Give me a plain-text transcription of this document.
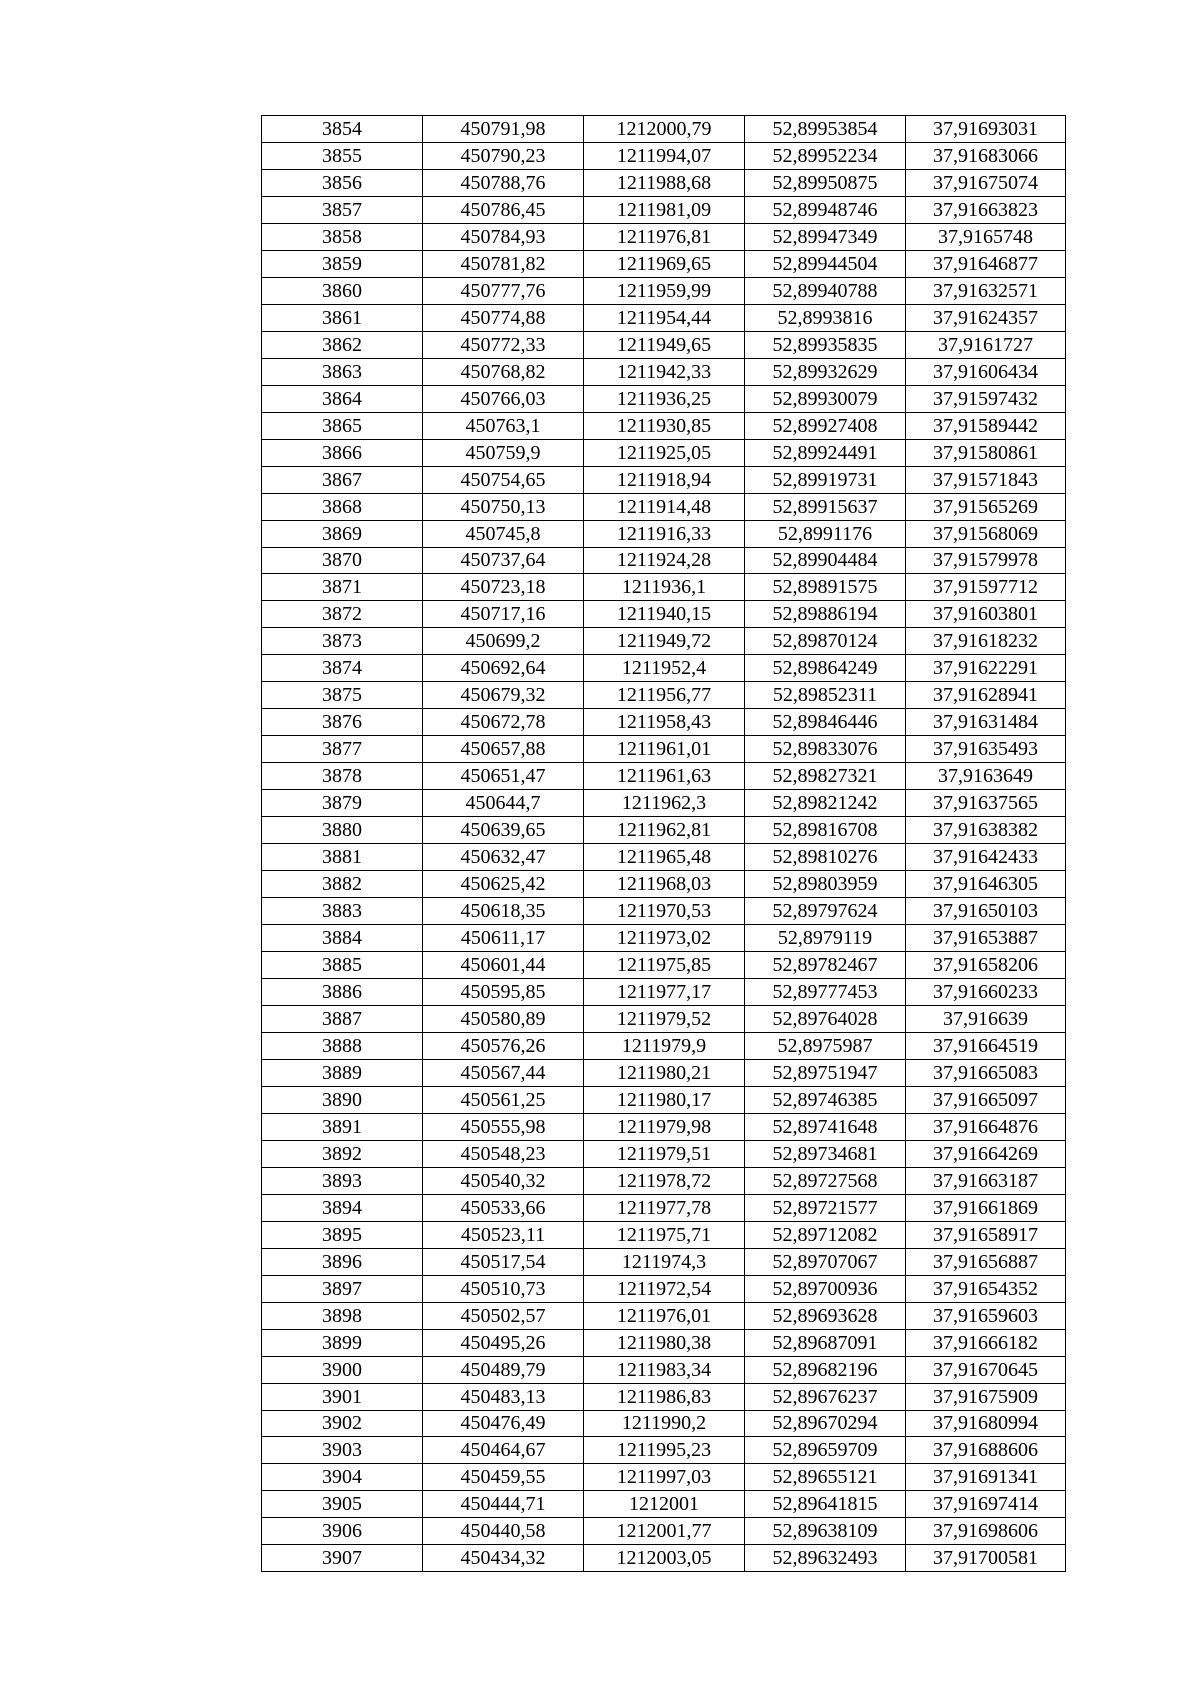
3854	450791,98	1212000,79	52,89953854	37,91693031
3855	450790,23	1211994,07	52,89952234	37,91683066
3856	450788,76	1211988,68	52,89950875	37,91675074
3857	450786,45	1211981,09	52,89948746	37,91663823
3858	450784,93	1211976,81	52,89947349	37,9165748
3859	450781,82	1211969,65	52,89944504	37,91646877
3860	450777,76	1211959,99	52,89940788	37,91632571
3861	450774,88	1211954,44	52,8993816	37,91624357
3862	450772,33	1211949,65	52,89935835	37,9161727
3863	450768,82	1211942,33	52,89932629	37,91606434
3864	450766,03	1211936,25	52,89930079	37,91597432
3865	450763,1	1211930,85	52,89927408	37,91589442
3866	450759,9	1211925,05	52,89924491	37,91580861
3867	450754,65	1211918,94	52,89919731	37,91571843
3868	450750,13	1211914,48	52,89915637	37,91565269
3869	450745,8	1211916,33	52,8991176	37,91568069
3870	450737,64	1211924,28	52,89904484	37,91579978
3871	450723,18	1211936,1	52,89891575	37,91597712
3872	450717,16	1211940,15	52,89886194	37,91603801
3873	450699,2	1211949,72	52,89870124	37,91618232
3874	450692,64	1211952,4	52,89864249	37,91622291
3875	450679,32	1211956,77	52,89852311	37,91628941
3876	450672,78	1211958,43	52,89846446	37,91631484
3877	450657,88	1211961,01	52,89833076	37,91635493
3878	450651,47	1211961,63	52,89827321	37,9163649
3879	450644,7	1211962,3	52,89821242	37,91637565
3880	450639,65	1211962,81	52,89816708	37,91638382
3881	450632,47	1211965,48	52,89810276	37,91642433
3882	450625,42	1211968,03	52,89803959	37,91646305
3883	450618,35	1211970,53	52,89797624	37,91650103
3884	450611,17	1211973,02	52,8979119	37,91653887
3885	450601,44	1211975,85	52,89782467	37,91658206
3886	450595,85	1211977,17	52,89777453	37,91660233
3887	450580,89	1211979,52	52,89764028	37,916639
3888	450576,26	1211979,9	52,8975987	37,91664519
3889	450567,44	1211980,21	52,89751947	37,91665083
3890	450561,25	1211980,17	52,89746385	37,91665097
3891	450555,98	1211979,98	52,89741648	37,91664876
3892	450548,23	1211979,51	52,89734681	37,91664269
3893	450540,32	1211978,72	52,89727568	37,91663187
3894	450533,66	1211977,78	52,89721577	37,91661869
3895	450523,11	1211975,71	52,89712082	37,91658917
3896	450517,54	1211974,3	52,89707067	37,91656887
3897	450510,73	1211972,54	52,89700936	37,91654352
3898	450502,57	1211976,01	52,89693628	37,91659603
3899	450495,26	1211980,38	52,89687091	37,91666182
3900	450489,79	1211983,34	52,89682196	37,91670645
3901	450483,13	1211986,83	52,89676237	37,91675909
3902	450476,49	1211990,2	52,89670294	37,91680994
3903	450464,67	1211995,23	52,89659709	37,91688606
3904	450459,55	1211997,03	52,89655121	37,91691341
3905	450444,71	1212001	52,89641815	37,91697414
3906	450440,58	1212001,77	52,89638109	37,91698606
3907	450434,32	1212003,05	52,89632493	37,91700581
